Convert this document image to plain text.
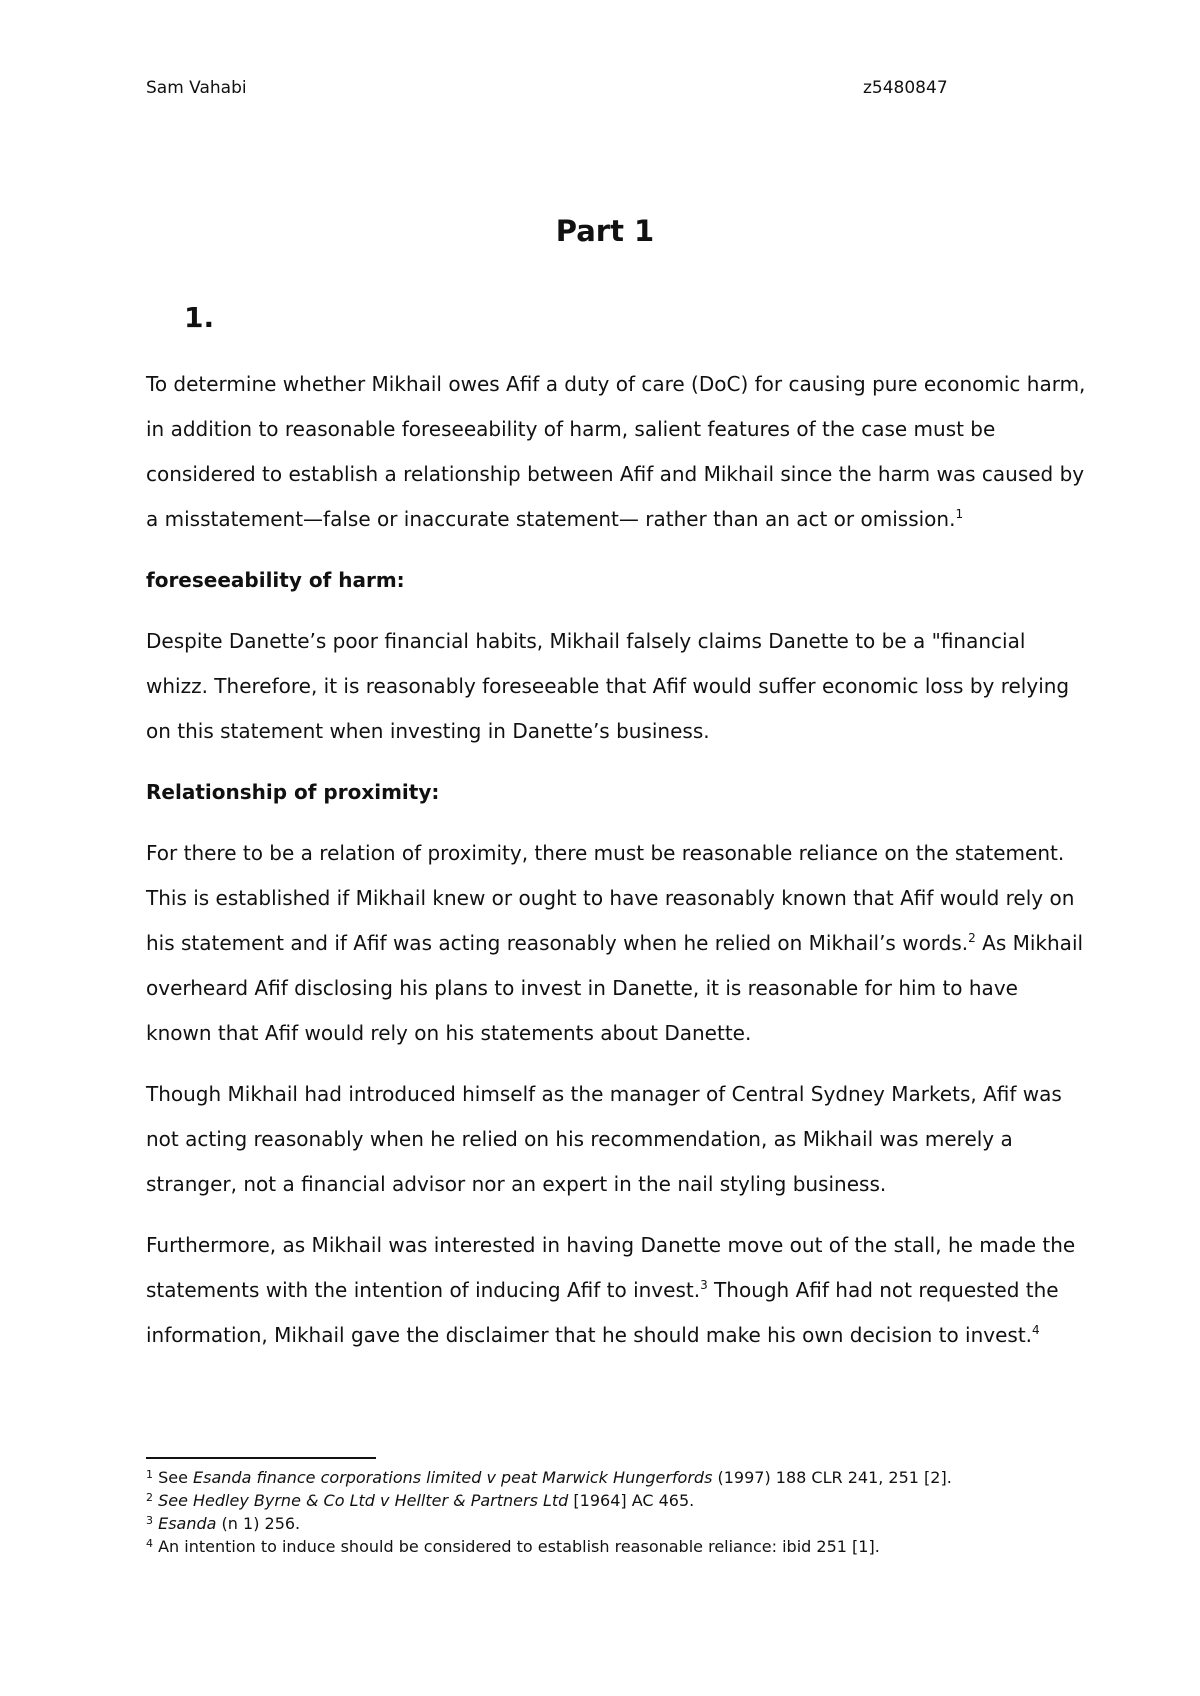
Sam Vahabi	z5480847
Part 1
1.

To determine whether Mikhail owes Afif a duty of care (DoC) for causing pure economic harm, in addition to reasonable foreseeability of harm, salient features of the case must be considered to establish a relationship between Afif and Mikhail since the harm was caused by a misstatement—false or inaccurate statement— rather than an act or omission.$^1$

foreseeability of harm:

Despite Danette’s poor financial habits, Mikhail falsely claims Danette to be a "financial whizz. Therefore, it is reasonably foreseeable that Afif would suffer economic loss by relying on this statement when investing in Danette’s business.

Relationship of proximity:

For there to be a relation of proximity, there must be reasonable reliance on the statement. This is established if Mikhail knew or ought to have reasonably known that Afif would rely on his statement and if Afif was acting reasonably when he relied on Mikhail’s words.$^2$ As Mikhail overheard Afif disclosing his plans to invest in Danette, it is reasonable for him to have known that Afif would rely on his statements about Danette.

Though Mikhail had introduced himself as the manager of Central Sydney Markets, Afif was not acting reasonably when he relied on his recommendation, as Mikhail was merely a stranger, not a financial advisor nor an expert in the nail styling business.

Furthermore, as Mikhail was interested in having Danette move out of the stall, he made the statements with the intention of inducing Afif to invest.$^3$ Though Afif had not requested the information, Mikhail gave the disclaimer that he should make his own decision to invest.$^4$

$^1$ See Esanda finance corporations limited v peat Marwick Hungerfords (1997) 188 CLR 241, 251 [2].

$^2$ See Hedley Byrne & Co Ltd v Hellter & Partners Ltd [1964] AC 465.

$^3$ Esanda (n 1) 256.

$^4$ An intention to induce should be considered to establish reasonable reliance: ibid 251 [1].
